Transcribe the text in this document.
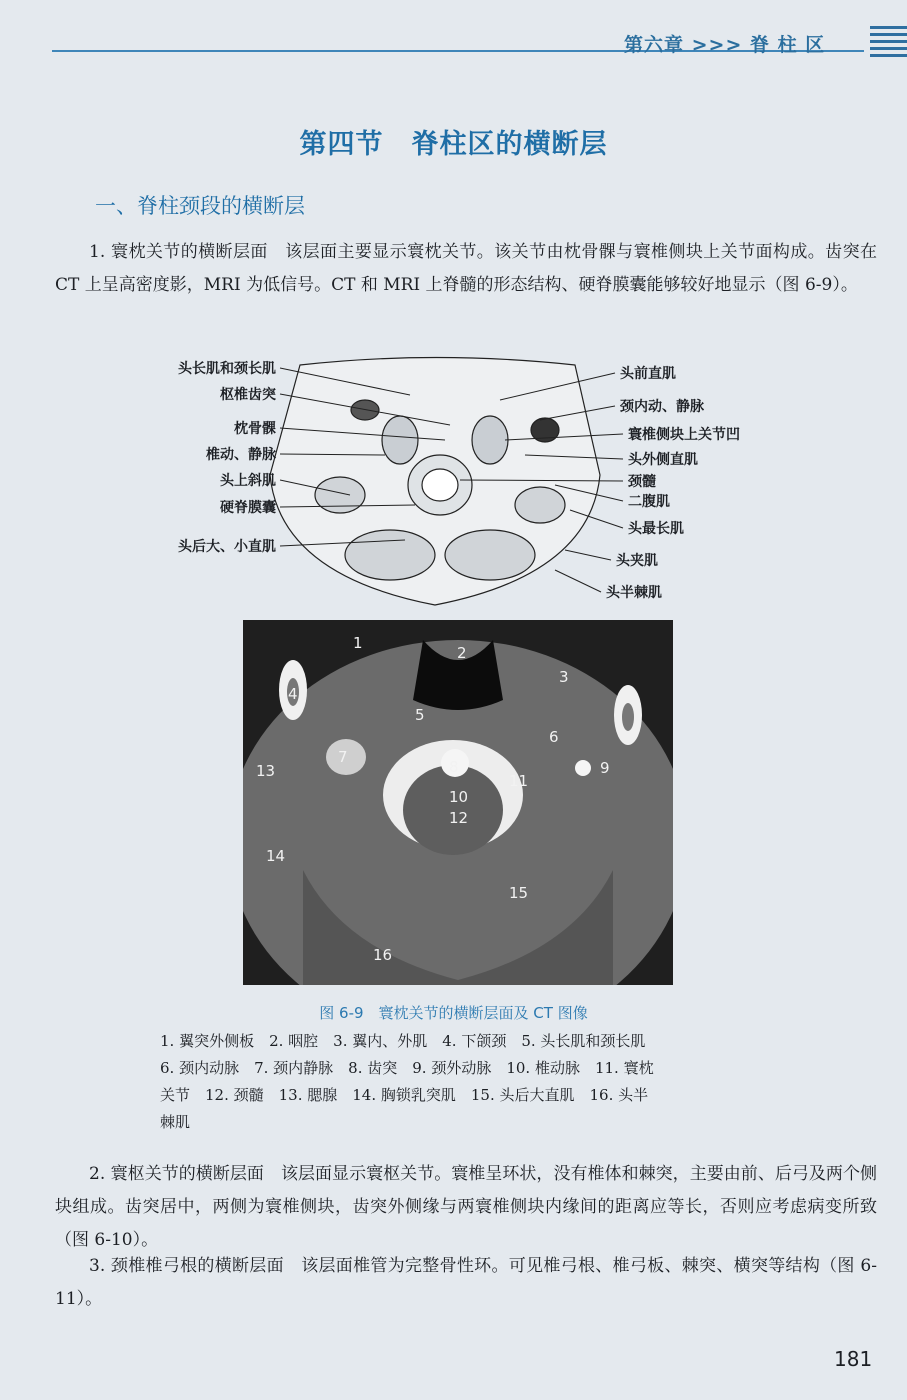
第六章 >>> 脊 柱 区
第四节　脊柱区的横断层
一、脊柱颈段的横断层
1. 寰枕关节的横断层面　该层面主要显示寰枕关节。该关节由枕骨髁与寰椎侧块上关节面构成。齿突在 CT 上呈高密度影，MRI 为低信号。CT 和 MRI 上脊髓的形态结构、硬脊膜囊能够较好地显示（图 6-9）。
头长肌和颈长肌
枢椎齿突
枕骨髁
椎动、静脉
头上斜肌
硬脊膜囊
头后大、小直肌
头前直肌
颈内动、静脉
寰椎侧块上关节凹
头外侧直肌
颈髓
二腹肌
头最长肌
头夹肌
头半棘肌
1
2
3
4
5
6
7
8	9
10
11
12
13
14
15
16
图 6-9　寰枕关节的横断层面及 CT 图像
1. 翼突外侧板　2. 咽腔　3. 翼内、外肌　4. 下颌颈　5. 头长肌和颈长肌
6. 颈内动脉　7. 颈内静脉　8. 齿突　9. 颈外动脉　10. 椎动脉　11. 寰枕
关节　12. 颈髓　13. 腮腺　14. 胸锁乳突肌　15. 头后大直肌　16. 头半
棘肌
2. 寰枢关节的横断层面　该层面显示寰枢关节。寰椎呈环状，没有椎体和棘突，主要由前、后弓及两个侧块组成。齿突居中，两侧为寰椎侧块，齿突外侧缘与两寰椎侧块内缘间的距离应等长，否则应考虑病变所致（图 6-10）。
3. 颈椎椎弓根的横断层面　该层面椎管为完整骨性环。可见椎弓根、椎弓板、棘突、横突等结构（图 6-11）。
181
